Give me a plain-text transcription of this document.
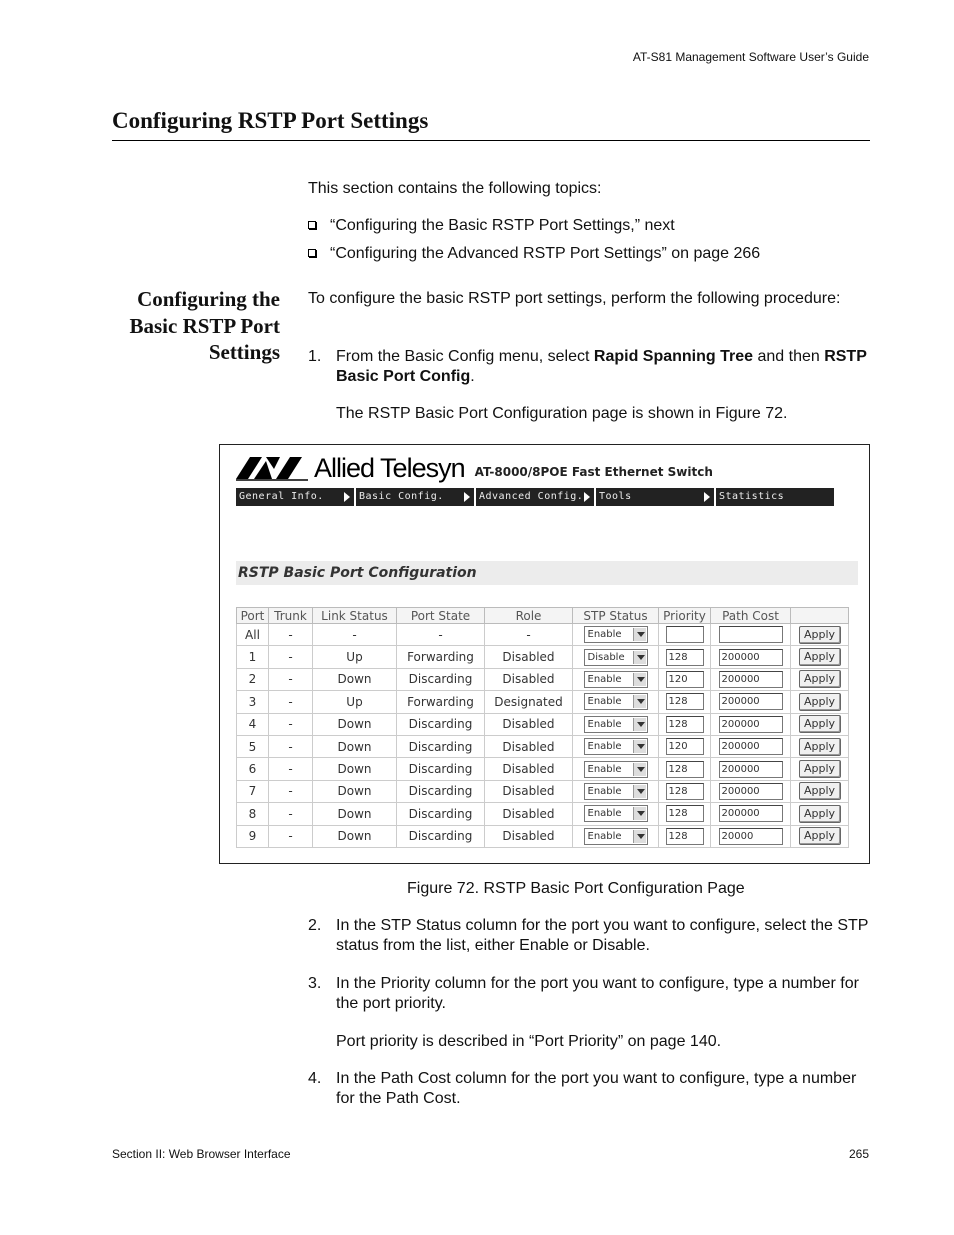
AT-S81 Management Software User’s Guide
Configuring RSTP Port Settings
This section contains the following topics:
“Configuring the Basic RSTP Port Settings,” next
“Configuring the Advanced RSTP Port Settings” on page 266
Configuring the
Basic RSTP Port
Settings
To configure the basic RSTP port settings, perform the following procedure:
1. From the Basic Config menu, select Rapid Spanning Tree and then RSTP Basic Port Config.
The RSTP Basic Port Configuration page is shown in Figure 72.
Allied Telesyn AT-8000/8POE Fast Ethernet Switch
General Info.	Basic Config.	Advanced Config.	Tools	Statistics
RSTP Basic Port Configuration
Port	Trunk	Link Status	Port State	Role	STP Status	Priority	Path Cost	
All	-	-	-	-	Enable			Apply
1	-	Up	Forwarding	Disabled	Disable	128	200000	Apply
2	-	Down	Discarding	Disabled	Enable	120	200000	Apply
3	-	Up	Forwarding	Designated	Enable	128	200000	Apply
4	-	Down	Discarding	Disabled	Enable	128	200000	Apply
5	-	Down	Discarding	Disabled	Enable	120	200000	Apply
6	-	Down	Discarding	Disabled	Enable	128	200000	Apply
7	-	Down	Discarding	Disabled	Enable	128	200000	Apply
8	-	Down	Discarding	Disabled	Enable	128	200000	Apply
9	-	Down	Discarding	Disabled	Enable	128	20000	Apply
Figure 72. RSTP Basic Port Configuration Page
2. In the STP Status column for the port you want to configure, select the STP status from the list, either Enable or Disable.
3. In the Priority column for the port you want to configure, type a number for the port priority.
Port priority is described in “Port Priority” on page 140.
4. In the Path Cost column for the port you want to configure, type a number for the Path Cost.
Section II: Web Browser Interface	265
